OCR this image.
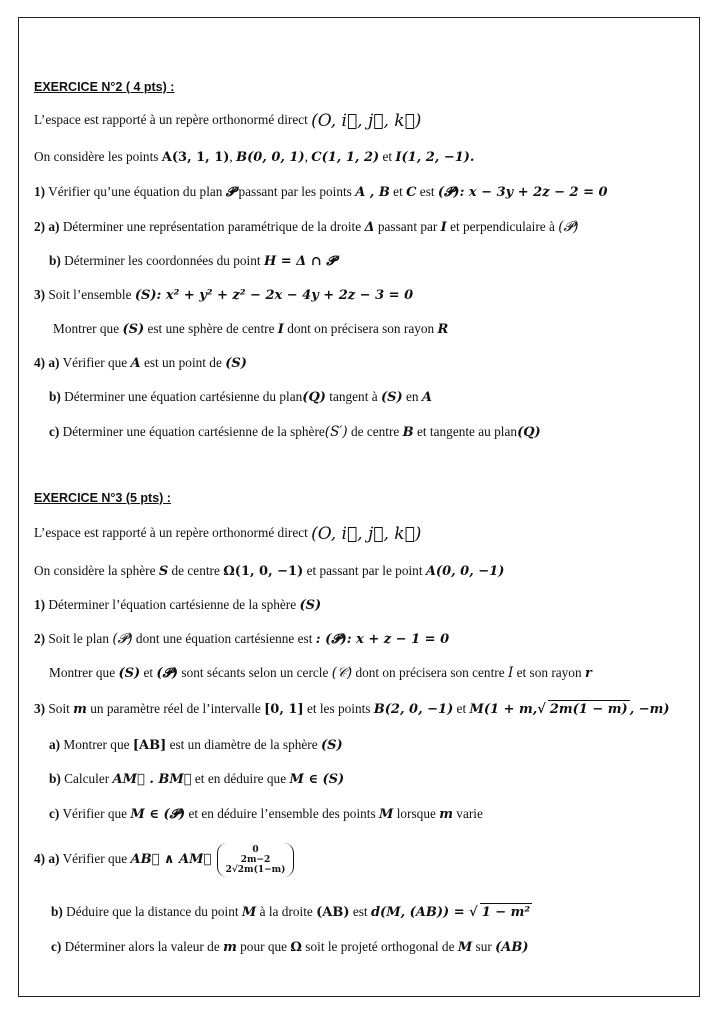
EXERCICE N°2 ( 4 pts) :
L’espace est rapporté à un repère orthonormé direct (O, i⃗, j⃗, k⃗)
On considère les points A(3, 1, 1), B(0, 0, 1), C(1, 1, 2) et I(1, 2, −1).
1) Vérifier qu’une équation du plan 𝓟 passant par les points A , B et C est (𝓟): x − 3y + 2z − 2 = 0
2) a) Déterminer une représentation paramétrique de la droite Δ passant par I et perpendiculaire à (𝓟)
b) Déterminer les coordonnées du point H = Δ ∩ 𝓟
3) Soit l’ensemble (S): x² + y² + z² − 2x − 4y + 2z − 3 = 0
Montrer que (S) est une sphère de centre I dont on précisera son rayon R
4) a) Vérifier que A est un point de (S)
b) Déterminer une équation cartésienne du plan(Q) tangent à (S) en A
c) Déterminer une équation cartésienne de la sphère(S′) de centre B et tangente au plan(Q)
EXERCICE N°3 (5 pts) :
L’espace est rapporté à un repère orthonormé direct (O, i⃗, j⃗, k⃗)
On considère la sphère S de centre Ω(1, 0, −1) et passant par le point A(0, 0, −1)
1) Déterminer l’équation cartésienne de la sphère (S)
2) Soit le plan (𝓟) dont une équation cartésienne est : (𝓟): x + z − 1 = 0
Montrer que (S) et (𝓟) sont sécants selon un cercle (𝒞) dont on précisera son centre I et son rayon r
3) Soit m un paramètre réel de l’intervalle [0, 1] et les points B(2, 0, −1) et M(1 + m,√ 2m(1 − m) , −m)
a) Montrer que [AB] est un diamètre de la sphère (S)
b) Calculer AM⃗ . BM⃗ et en déduire que M ∈ (S)
c) Vérifier que M ∈ (𝓟) et en déduire l’ensemble des points M lorsque m varie
4) a) Vérifier que AB⃗ ∧ AM⃗
0
2m−2
2√2m(1−m)
b) Déduire que la distance du point M à la droite (AB) est d(M, (AB)) = √ 1 − m²
c) Déterminer alors la valeur de m pour que Ω soit le projeté orthogonal de M sur (AB)
